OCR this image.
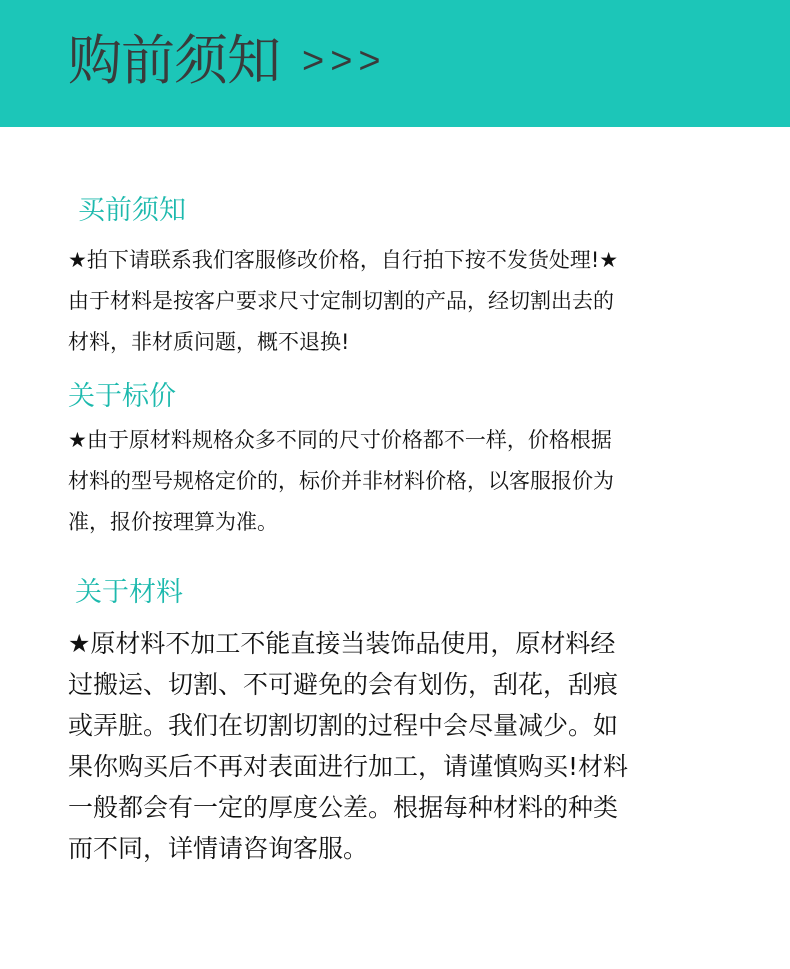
购前须知 >>>
买前须知
★拍下请联系我们客服修改价格，自行拍下按不发货处理!★
由于材料是按客户要求尺寸定制切割的产品，经切割出去的
材料，非材质问题，概不退换!
关于标价
★由于原材料规格众多不同的尺寸价格都不一样，价格根据
材料的型号规格定价的，标价并非材料价格，以客服报价为
准，报价按理算为准。
关于材料
★原材料不加工不能直接当装饰品使用，原材料经
过搬运、切割、不可避免的会有划伤，刮花，刮痕
或弄脏。我们在切割切割的过程中会尽量减少。如
果你购买后不再对表面进行加工，请谨慎购买!材料
一般都会有一定的厚度公差。根据每种材料的种类
而不同，详情请咨询客服。
